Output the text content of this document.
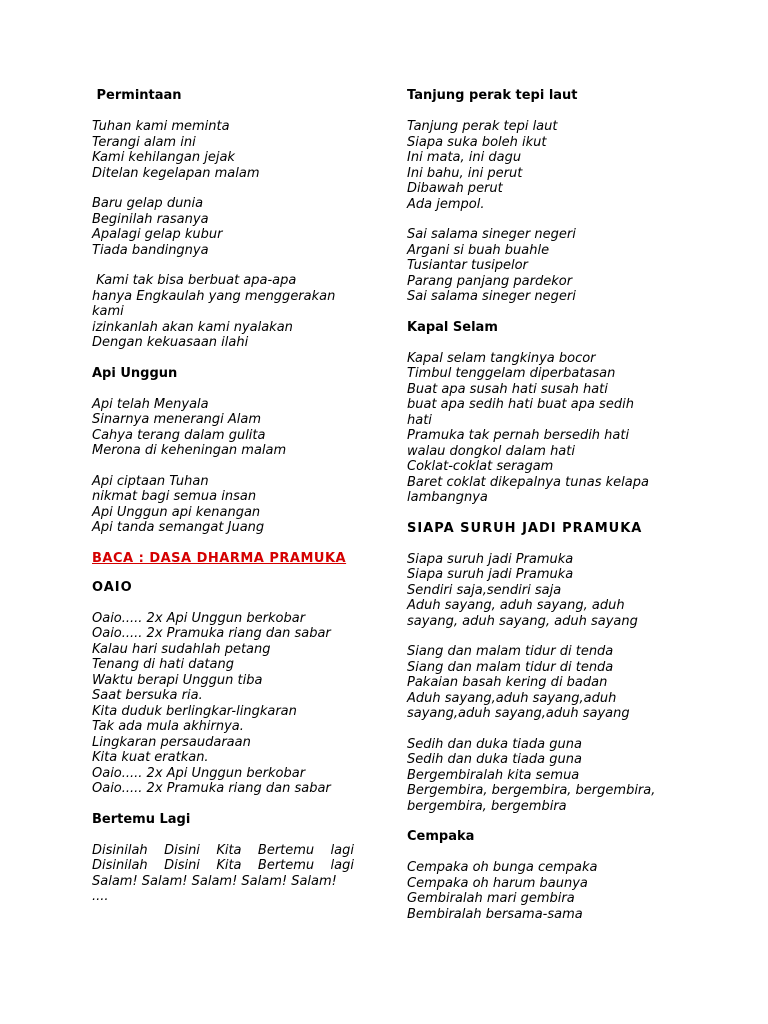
Permintaan
Tuhan kami meminta
Terangi alam ini
Kami kehilangan jejak
Ditelan kegelapan malam
Baru gelap dunia
Beginilah rasanya
Apalagi gelap kubur
Tiada bandingnya
Kami tak bisa berbuat apa-apa
hanya Engkaulah yang menggerakan
kami
izinkanlah akan kami nyalakan
Dengan kekuasaan ilahi
Api Unggun
Api telah Menyala
Sinarnya menerangi Alam
Cahya terang dalam gulita
Merona di keheningan malam
Api ciptaan Tuhan
nikmat bagi semua insan
Api Unggun api kenangan
Api tanda semangat Juang
BACA : DASA DHARMA PRAMUKA
OAIO
Oaio..... 2x Api Unggun berkobar
Oaio..... 2x Pramuka riang dan sabar
Kalau hari sudahlah petang
Tenang di hati datang
Waktu berapi Unggun tiba
Saat bersuka ria.
Kita duduk berlingkar-lingkaran
Tak ada mula akhirnya.
Lingkaran persaudaraan
Kita kuat eratkan.
Oaio..... 2x Api Unggun berkobar
Oaio..... 2x Pramuka riang dan sabar
Bertemu Lagi
Disinilah Disini Kita Bertemu lagi
Disinilah Disini Kita Bertemu lagi
Salam! Salam! Salam! Salam! Salam!
....
Tanjung perak tepi laut
Tanjung perak tepi laut
Siapa suka boleh ikut
Ini mata, ini dagu
Ini bahu, ini perut
Dibawah perut
Ada jempol.
Sai salama sineger negeri
Argani si buah buahle
Tusiantar tusipelor
Parang panjang pardekor
Sai salama sineger negeri
Kapal Selam
Kapal selam tangkinya bocor
Timbul tenggelam diperbatasan
Buat apa susah hati susah hati
buat apa sedih hati buat apa sedih
hati
Pramuka tak pernah bersedih hati
walau dongkol dalam hati
Coklat-coklat seragam
Baret coklat dikepalnya tunas kelapa
lambangnya
SIAPA SURUH JADI PRAMUKA
Siapa suruh jadi Pramuka
Siapa suruh jadi Pramuka
Sendiri saja,sendiri saja
Aduh sayang, aduh sayang, aduh
sayang, aduh sayang, aduh sayang
Siang dan malam tidur di tenda
Siang dan malam tidur di tenda
Pakaian basah kering di badan
Aduh sayang,aduh sayang,aduh
sayang,aduh sayang,aduh sayang
Sedih dan duka tiada guna
Sedih dan duka tiada guna
Bergembiralah kita semua
Bergembira, bergembira, bergembira,
bergembira, bergembira
Cempaka
Cempaka oh bunga cempaka
Cempaka oh harum baunya
Gembiralah mari gembira
Bembiralah bersama-sama
